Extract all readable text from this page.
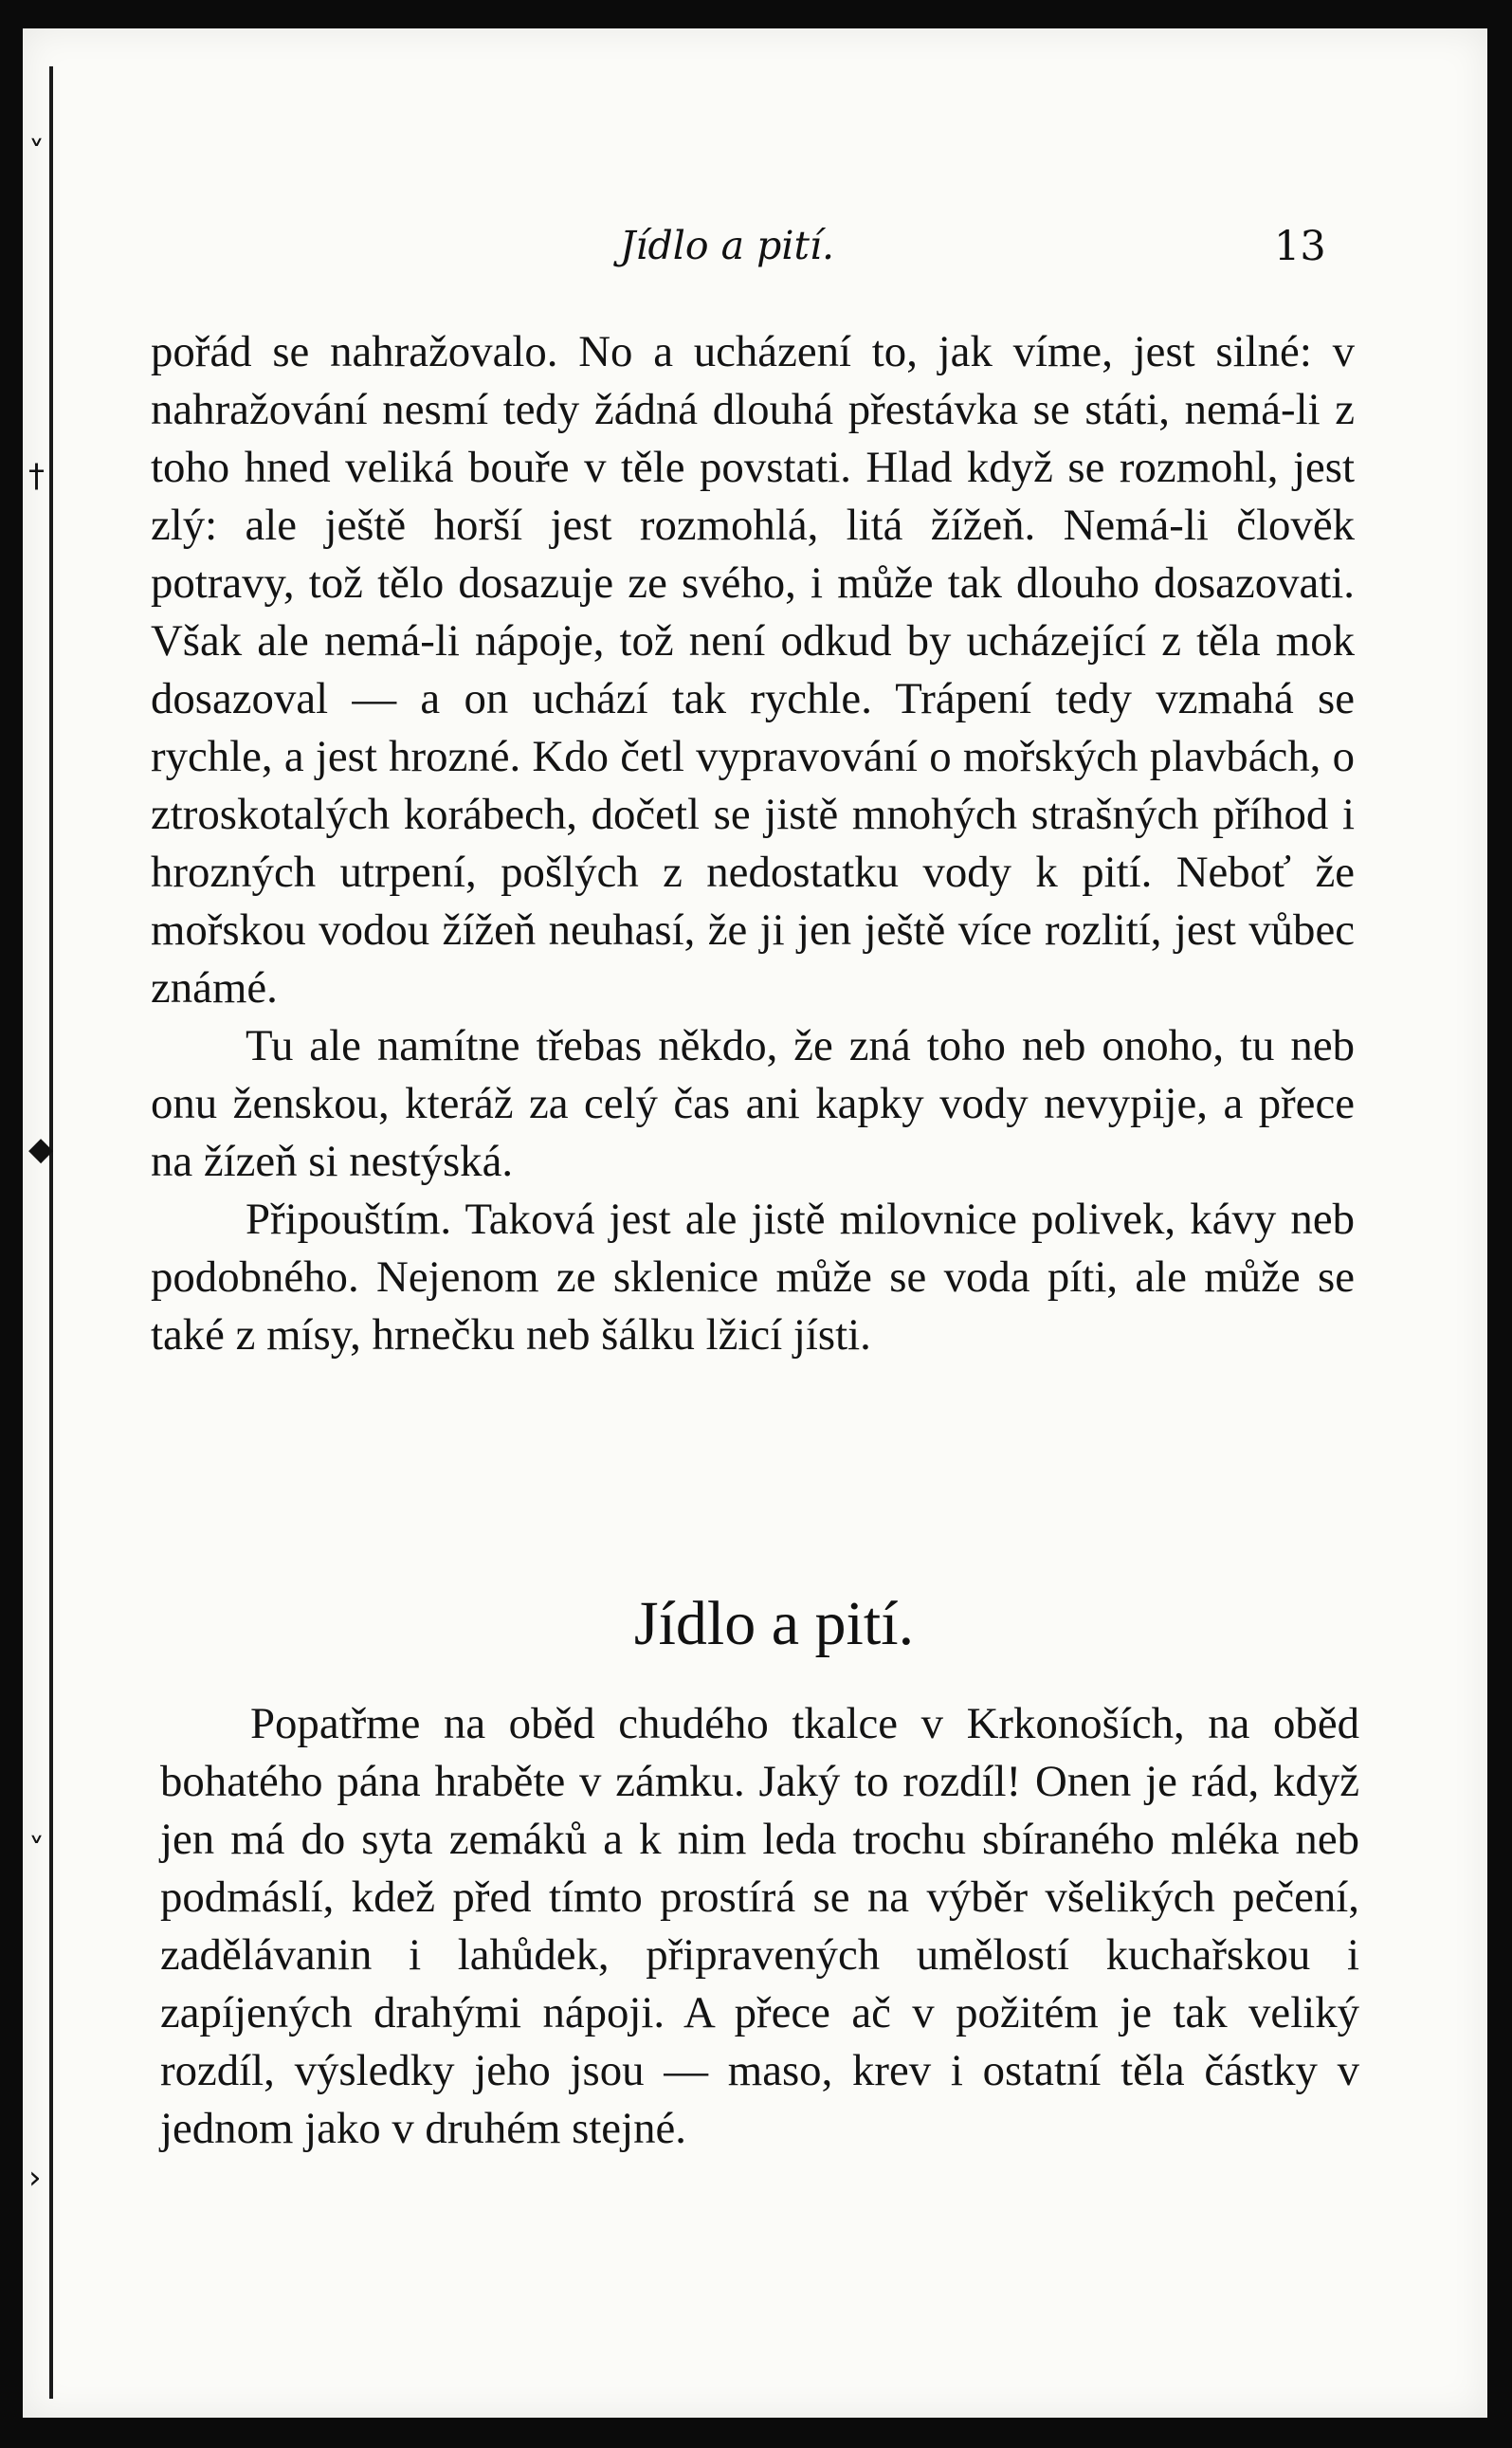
˅
†
◆
˅
›
Jídlo a pití.	13

pořád se nahražovalo. No a ucházení to, jak víme, jest silné: v nahražování nesmí tedy žádná dlouhá přestávka se státi, nemá-li z toho hned veliká bouře v těle povstati. Hlad když se rozmohl, jest zlý: ale ještě horší jest rozmohlá, litá žížeň. Nemá-li člověk potravy, tož tělo dosazuje ze svého, i může tak dlouho dosazovati. Však ale nemá-li nápoje, tož není odkud by ucházející z těla mok dosazoval — a on uchází tak rychle. Trápení tedy vzmahá se rychle, a jest hrozné. Kdo četl vypravování o mořských plavbách, o ztroskotalých korábech, dočetl se jistě mnohých strašných příhod i hrozných utrpení, pošlých z nedostatku vody k pití. Neboť že mořskou vodou žížeň neuhasí, že ji jen ještě více rozlití, jest vůbec známé.

Tu ale namítne třebas někdo, že zná toho neb onoho, tu neb onu ženskou, kteráž za celý čas ani kapky vody nevypije, a přece na žízeň si nestýská.

Připouštím. Taková jest ale jistě milovnice polivek, kávy neb podobného. Nejenom ze sklenice může se voda píti, ale může se také z mísy, hrnečku neb šálku lžicí jísti.

Jídlo a pití.

Popatřme na oběd chudého tkalce v Krkonoších, na oběd bohatého pána hraběte v zámku. Jaký to rozdíl! Onen je rád, když jen má do syta zemáků a k nim leda trochu sbíraného mléka neb podmáslí, kdež před tímto prostírá se na výběr všelikých pečení, zadělávanin i lahůdek, připravených umělostí kuchařskou i zapíjených drahými nápoji. A přece ač v požitém je tak veliký rozdíl, výsledky jeho jsou — maso, krev i ostatní těla částky v jednom jako v druhém stejné.
